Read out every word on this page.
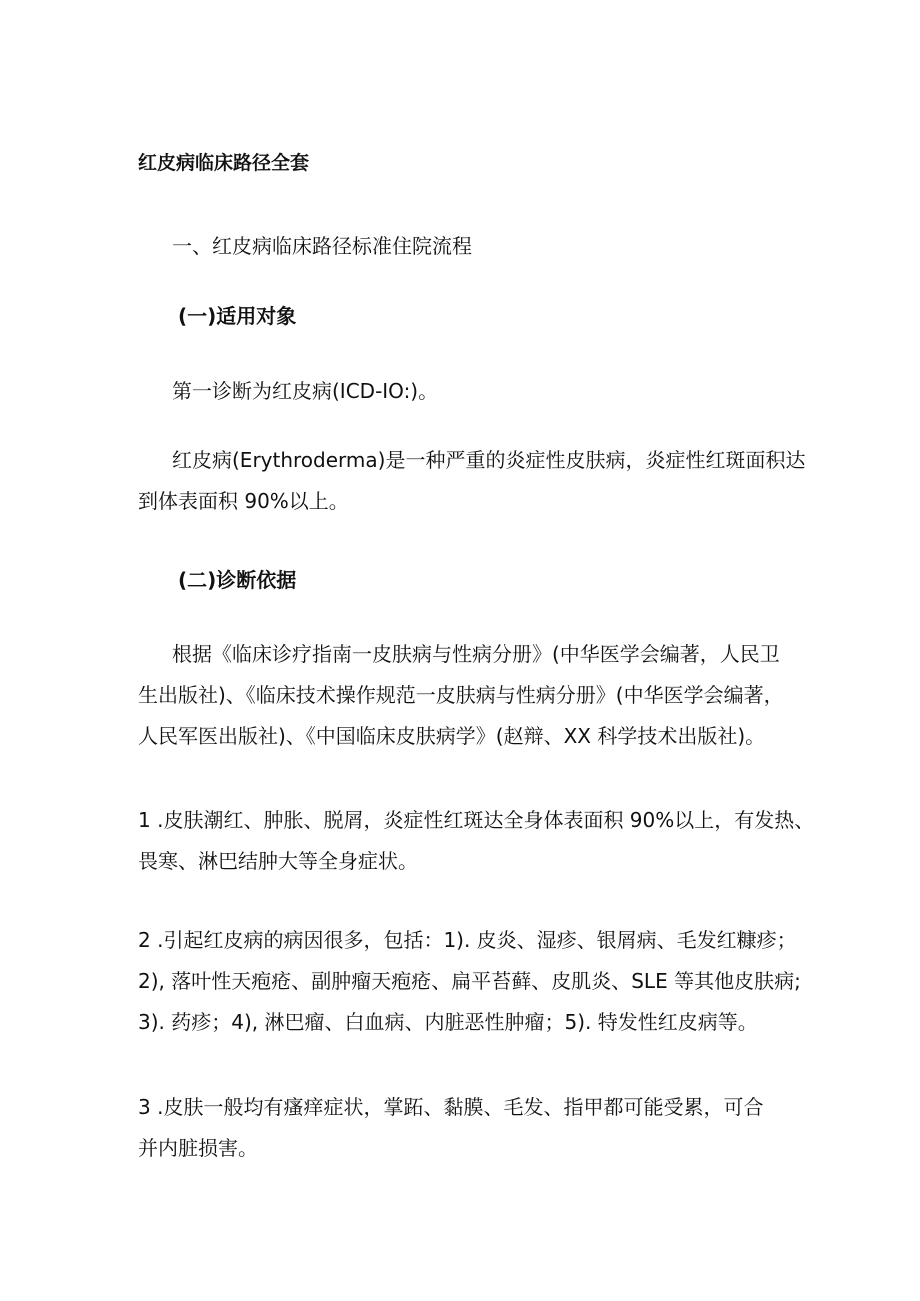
红皮病临床路径全套
一、红皮病临床路径标准住院流程
(一)适用对象
第一诊断为红皮病(ICD-IO:)。
红皮病(Erythroderma)是一种严重的炎症性皮肤病，炎症性红斑面积达
到体表面积 90%以上。
(二)诊断依据
根据《临床诊疗指南一皮肤病与性病分册》(中华医学会编著，人民卫
生出版社)、《临床技术操作规范一皮肤病与性病分册》(中华医学会编著，
人民军医出版社)、《中国临床皮肤病学》(赵辩、XX 科学技术出版社)。
1 .皮肤潮红、肿胀、脱屑，炎症性红斑达全身体表面积 90%以上，有发热、
畏寒、淋巴结肿大等全身症状。
2 .引起红皮病的病因很多，包括：1). 皮炎、湿疹、银屑病、毛发红糠疹；
2), 落叶性天疱疮、副肿瘤天疱疮、扁平苔藓、皮肌炎、SLE 等其他皮肤病;
3). 药疹；4), 淋巴瘤、白血病、内脏恶性肿瘤；5). 特发性红皮病等。
3 .皮肤一般均有瘙痒症状，掌跖、黏膜、毛发、指甲都可能受累，可合
并内脏损害。
